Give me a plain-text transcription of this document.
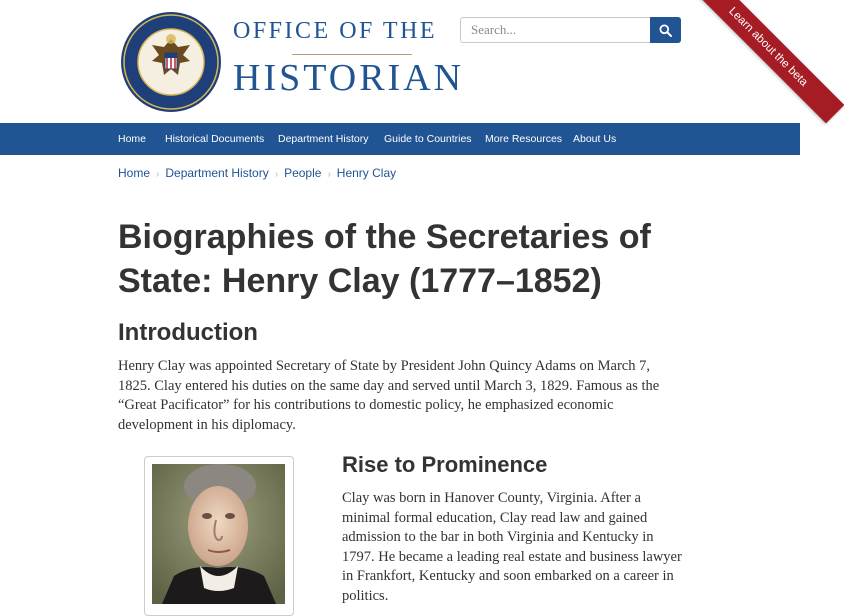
OFFICE OF THE
HISTORIAN
Search...	Learn about the beta
Home Historical Documents Department History Guide to Countries More Resources About Us
Home › Department History › People › Henry Clay
Biographies of the Secretaries of State: Henry Clay (1777–1852)
Introduction

Henry Clay was appointed Secretary of State by President John Quincy Adams on March 7, 1825. Clay entered his duties on the same day and served until March 3, 1829. Famous as the “Great Pacificator” for his contributions to domestic policy, he emphasized economic development in his diplomacy.

Rise to Prominence

Clay was born in Hanover County, Virginia. After a minimal formal education, Clay read law and gained admission to the bar in both Virginia and Kentucky in 1797. He became a leading real estate and business lawyer in Frankfort, Kentucky and soon embarked on a career in politics.
